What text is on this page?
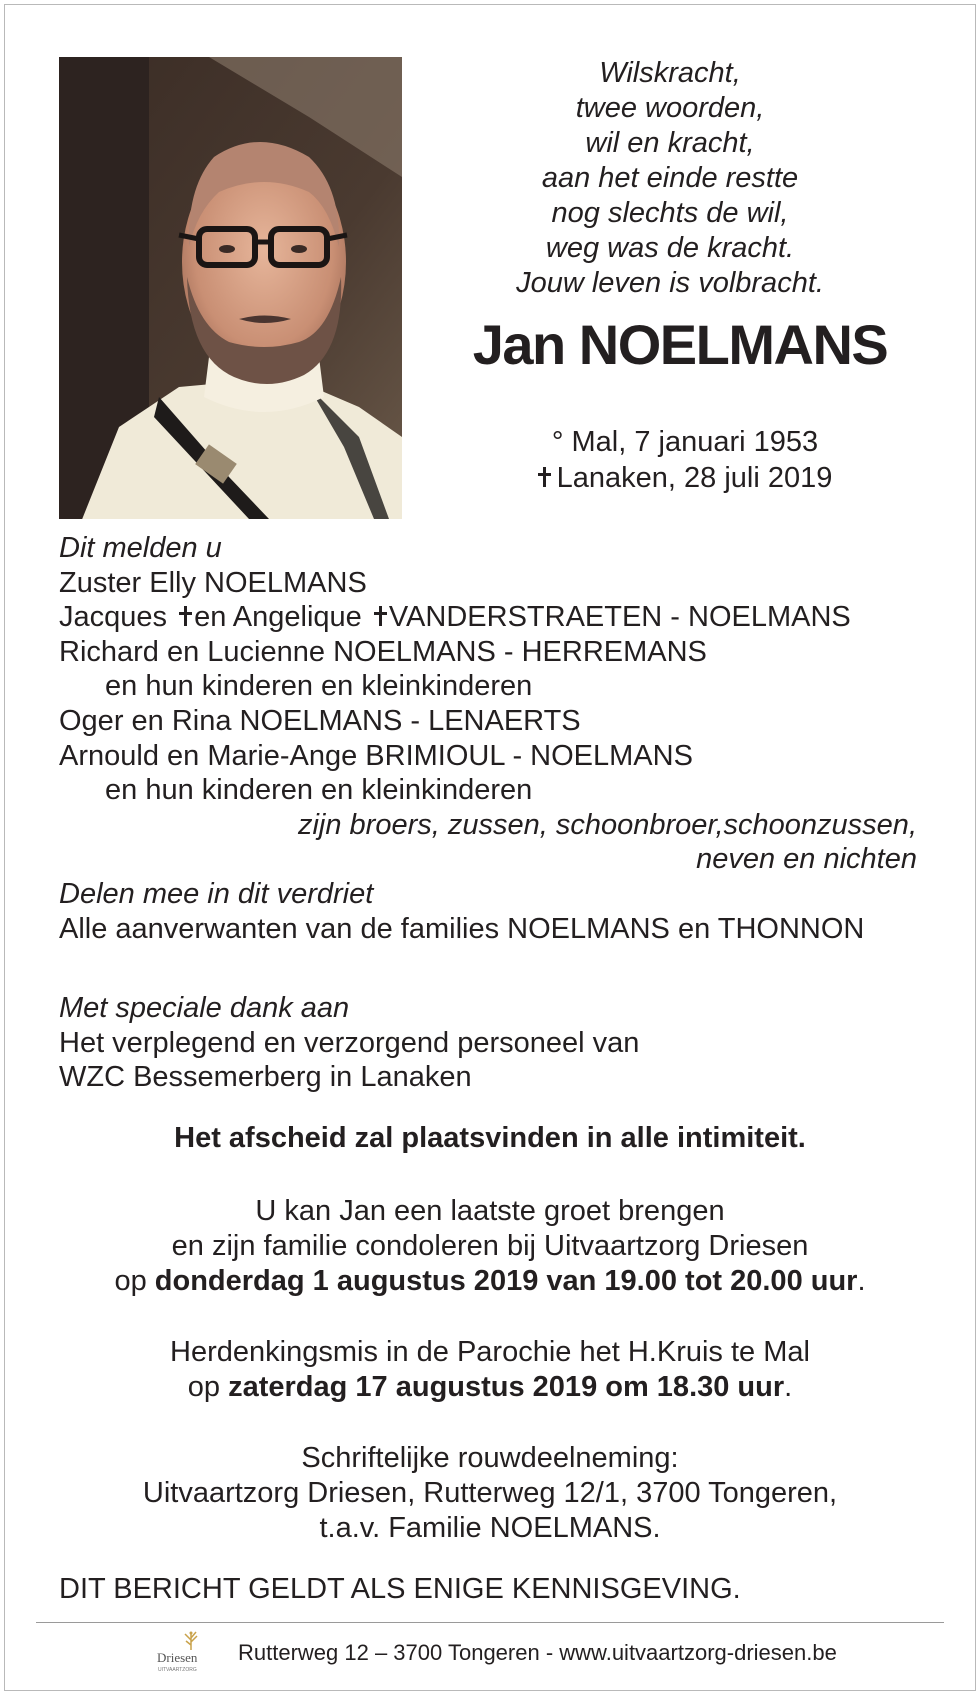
Wilskracht,
twee woorden,
wil en kracht,
aan het einde restte
nog slechts de wil,
weg was de kracht.
Jouw leven is volbracht.
Jan NOELMANS
° Mal, 7 januari 1953
Lanaken, 28 juli 2019
Dit melden u
Zuster Elly NOELMANS
Jacques en Angelique VANDERSTRAETEN - NOELMANS
Richard en Lucienne NOELMANS - HERREMANS
en hun kinderen en kleinkinderen
Oger en Rina NOELMANS - LENAERTS
Arnould en Marie-Ange BRIMIOUL - NOELMANS
en hun kinderen en kleinkinderen
zijn broers, zussen, schoonbroer,schoonzussen,
neven en nichten
Delen mee in dit verdriet
Alle aanverwanten van de families NOELMANS en THONNON
Met speciale dank aan
Het verplegend en verzorgend personeel van
WZC Bessemerberg in Lanaken
Het afscheid zal plaatsvinden in alle intimiteit.
U kan Jan een laatste groet brengen
en zijn familie condoleren bij Uitvaartzorg Driesen
op donderdag 1 augustus 2019 van 19.00 tot 20.00 uur.
Herdenkingsmis in de Parochie het H.Kruis te Mal
op zaterdag 17 augustus 2019 om 18.30 uur.
Schriftelijke rouwdeelneming:
Uitvaartzorg Driesen, Rutterweg 12/1, 3700 Tongeren,
t.a.v. Familie NOELMANS.
DIT BERICHT GELDT ALS ENIGE KENNISGEVING.
Driesen
UITVAARTZORG
Rutterweg 12 – 3700 Tongeren - www.uitvaartzorg-driesen.be
